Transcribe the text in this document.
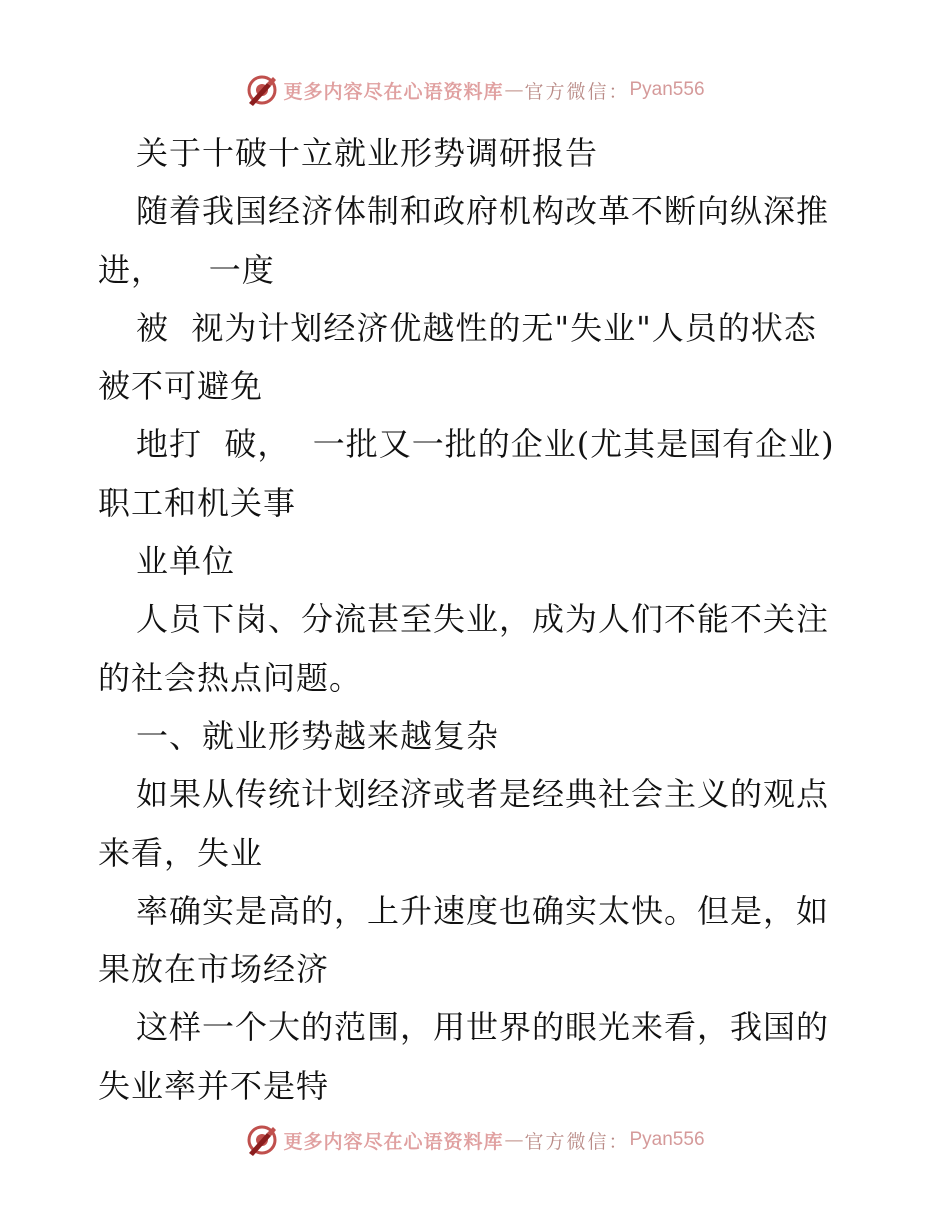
更多内容尽在心语资料库 — 官方微信： Pyan556
关于十破十立就业形势调研报告
随着我国经济体制和政府机构改革不断向纵深推
进，    一度
被  视为计划经济优越性的无"失业"人员的状态
被不可避免
地打  破，  一批又一批的企业(尤其是国有企业)
职工和机关事
业单位
人员下岗、分流甚至失业，成为人们不能不关注
的社会热点问题。
一、就业形势越来越复杂
如果从传统计划经济或者是经典社会主义的观点
来看，失业
率确实是高的，上升速度也确实太快。但是，如
果放在市场经济
这样一个大的范围，用世界的眼光来看，我国的
失业率并不是特
更多内容尽在心语资料库 — 官方微信： Pyan556
